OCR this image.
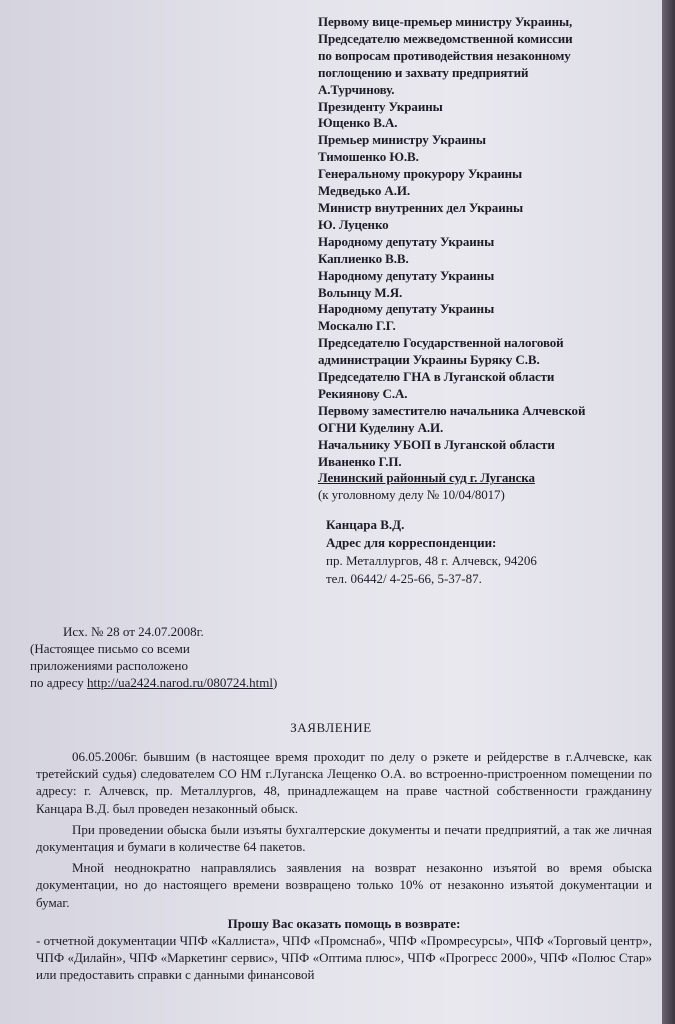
Первому вице-премьер министру Украины,
Председателю межведомственной комиссии
по вопросам противодействия незаконному
поглощению и захвату предприятий
А.Турчинову.
Президенту Украины
Ющенко В.А.
Премьер министру Украины
Тимошенко Ю.В.
Генеральному прокурору Украины
Медведько А.И.
Министр внутренних дел Украины
Ю. Луценко
Народному депутату Украины
Каплиенко В.В.
Народному депутату Украины
Волынцу М.Я.
Народному депутату Украины
Москалю Г.Г.
Председателю Государственной налоговой
администрации Украины Буряку С.В.
Председателю ГНА в Луганской области
Рекиянову С.А.
Первому заместителю начальника Алчевской
ОГНИ Куделину А.И.
Начальнику УБОП в Луганской области
Иваненко Г.П.
Ленинский районный суд г. Луганска
(к уголовному делу № 10/04/8017)
Канцара В.Д.
Адрес для корреспонденции:
пр. Металлургов, 48 г. Алчевск, 94206
тел. 06442/ 4-25-66, 5-37-87.
Исх. № 28 от 24.07.2008г.
(Настоящее письмо со всеми
приложениями расположено
по адресу http://ua2424.narod.ru/080724.html)
ЗАЯВЛЕНИЕ

06.05.2006г. бывшим (в настоящее время проходит по делу о рэкете и рейдерстве в г.Алчевске, как третейский судья) следователем СО НМ г.Луганска Лещенко О.А. во встроенно-пристроенном помещении по адресу: г. Алчевск, пр. Металлургов, 48, принадлежащем на праве частной собственности гражданину Канцара В.Д. был проведен незаконный обыск.

При проведении обыска были изъяты бухгалтерские документы и печати предприятий, а так же личная документация и бумаги в количестве 64 пакетов.

Мной неоднократно направлялись заявления на возврат незаконно изъятой во время обыска документации, но до настоящего времени возвращено только 10% от незаконно изъятой документации и бумаг.

Прошу Вас оказать помощь в возврате:

- отчетной документации ЧПФ «Каллиста», ЧПФ «Промснаб», ЧПФ «Промресурсы», ЧПФ «Торговый центр», ЧПФ «Дилайн», ЧПФ «Маркетинг сервис», ЧПФ «Оптима плюс», ЧПФ «Прогресс 2000», ЧПФ «Полюс Стар» или предоставить справки с данными финансовой
